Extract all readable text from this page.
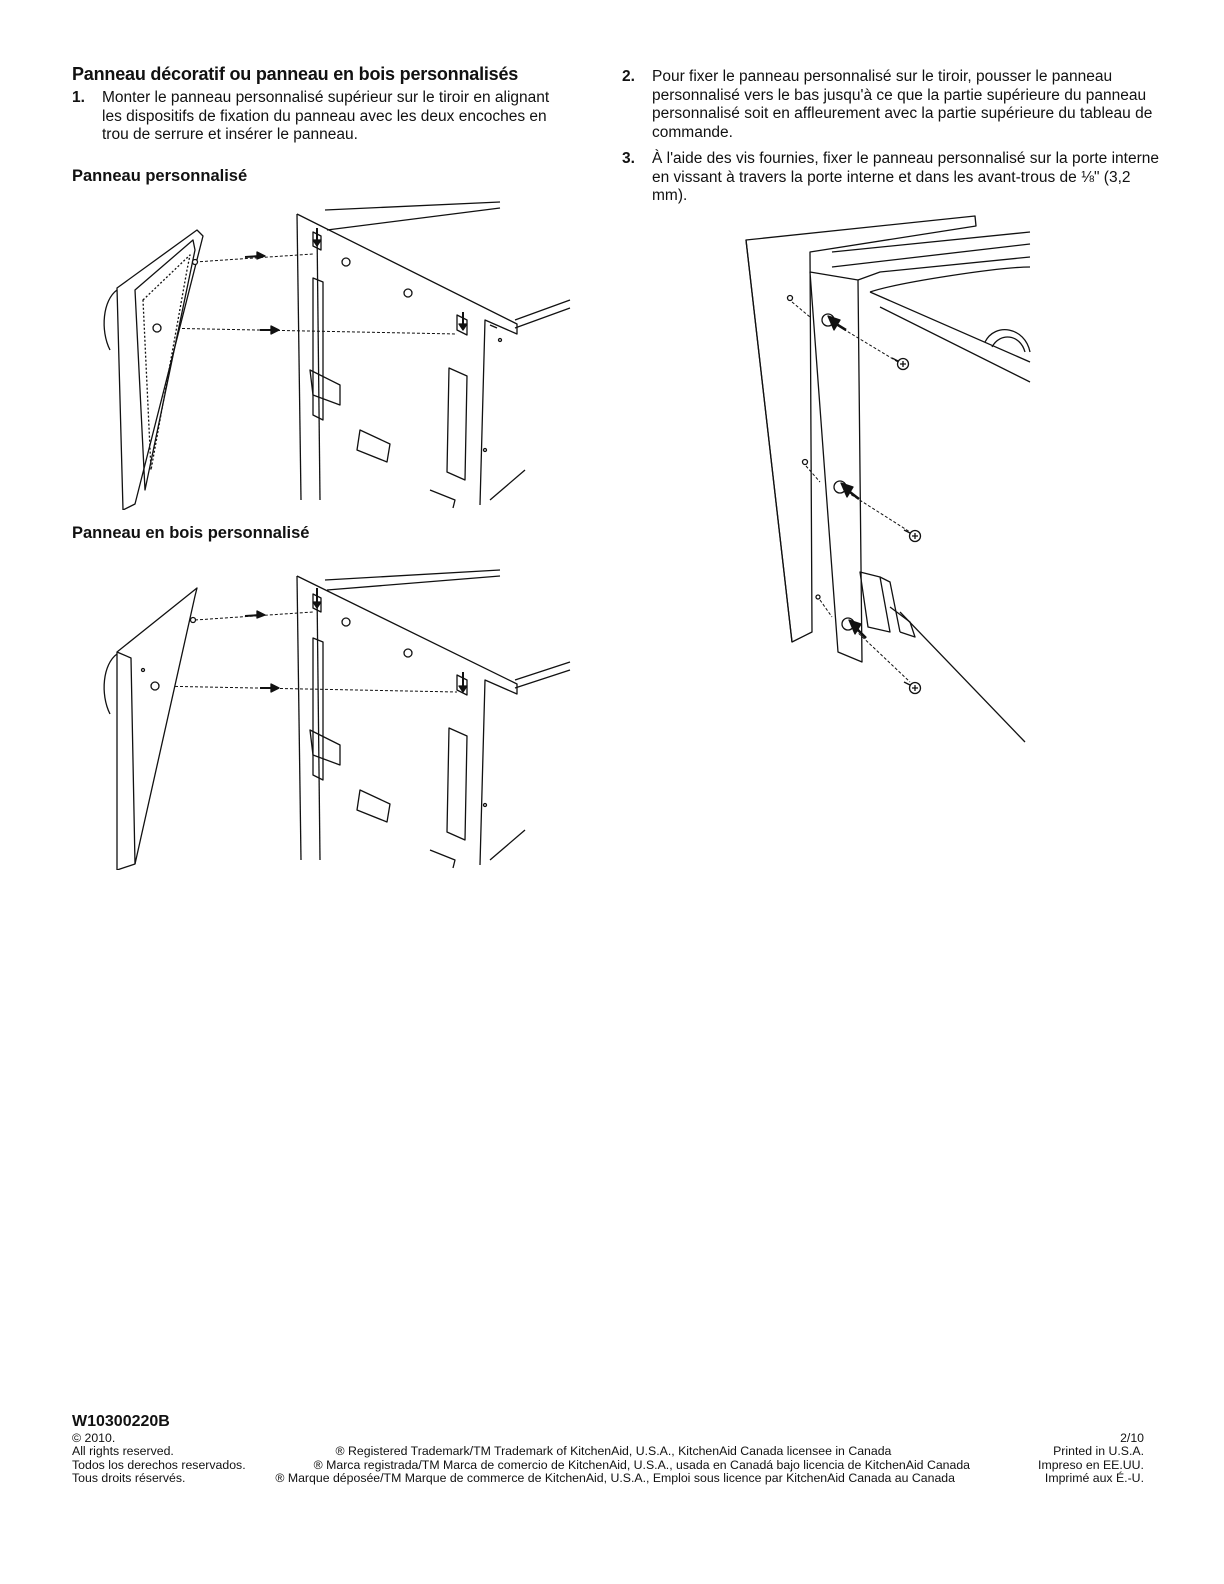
Panneau décoratif ou panneau en bois personnalisés
1. Monter le panneau personnalisé supérieur sur le tiroir en alignant les dispositifs de fixation du panneau avec les deux encoches en trou de serrure et insérer le panneau.
Panneau personnalisé
Panneau en bois personnalisé
2. Pour fixer le panneau personnalisé sur le tiroir, pousser le panneau personnalisé vers le bas jusqu'à ce que la partie supérieure du panneau personnalisé soit en affleurement avec la partie supérieure du tableau de commande.
3. À l'aide des vis fournies, fixer le panneau personnalisé sur la porte interne en vissant à travers la porte interne et dans les avant-trous de ⅛" (3,2 mm).
W10300220B
© 2010.	2/10
All rights reserved.	® Registered Trademark/TM Trademark of KitchenAid, U.S.A., KitchenAid Canada licensee in Canada	Printed in U.S.A.
Todos los derechos reservados.	® Marca registrada/TM Marca de comercio de KitchenAid, U.S.A., usada en Canadá bajo licencia de KitchenAid Canada	Impreso en EE.UU.
Tous droits réservés.	® Marque déposée/TM Marque de commerce de KitchenAid, U.S.A., Emploi sous licence par KitchenAid Canada au Canada	Imprimé aux É.-U.
